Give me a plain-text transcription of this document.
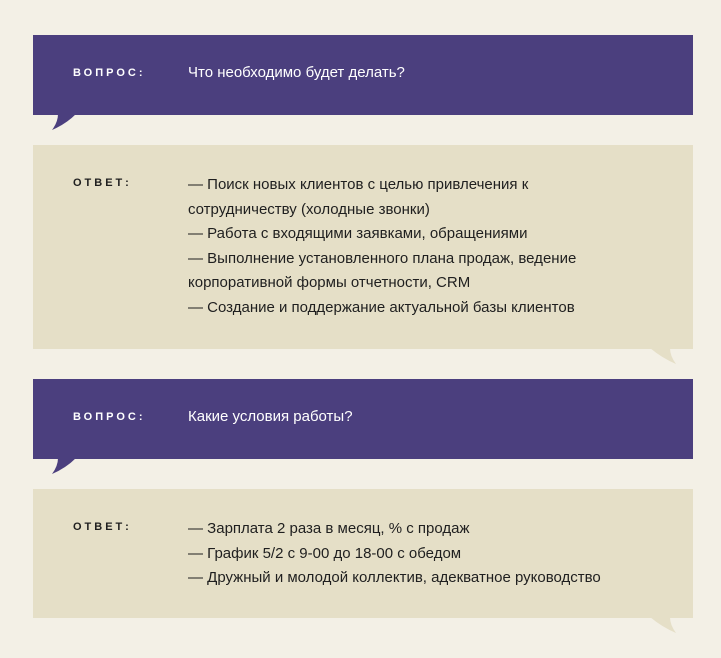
ВОПРОС:	Что необходимо будет делать?
ОТВЕТ:	— Поиск новых клиентов с целью привлечения к сотрудничеству (холодные звонки)
— Работа с входящими заявками, обращениями
— Выполнение установленного плана продаж, ведение корпоративной формы отчетности, CRM
— Создание и поддержание актуальной базы клиентов
ВОПРОС:	Какие условия работы?
ОТВЕТ:	— Зарплата 2 раза в месяц, % с продаж
— График 5/2 с 9-00 до 18-00 с обедом
— Дружный и молодой коллектив, адекватное руководство
